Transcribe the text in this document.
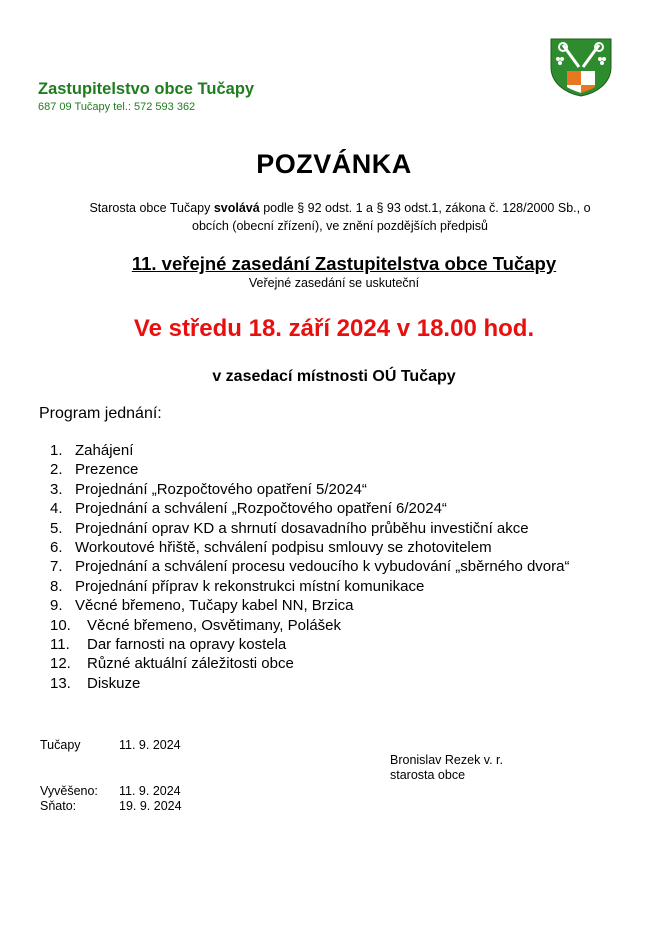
Zastupitelstvo obce Tučapy
687 09 Tučapy tel.: 572 593 362
POZVÁNKA
Starosta obce Tučapy svolává podle § 92 odst. 1 a § 93 odst.1, zákona č. 128/2000 Sb., o
obcích (obecní zřízení), ve znění pozdějších předpisů
11. veřejné zasedání Zastupitelstva obce Tučapy
Veřejné zasedání se uskuteční
Ve středu 18. září 2024 v 18.00 hod.
v zasedací místnosti OÚ Tučapy
Program jednání:
1. Zahájení
2. Prezence
3. Projednání „Rozpočtového opatření 5/2024“
4. Projednání a schválení „Rozpočtového opatření 6/2024“
5. Projednání oprav KD a shrnutí dosavadního průběhu investiční akce
6. Workoutové hřiště, schválení podpisu smlouvy se zhotovitelem
7. Projednání a schválení procesu vedoucího k vybudování „sběrného dvora“
8. Projednání příprav k rekonstrukci místní komunikace
9. Věcné břemeno, Tučapy kabel NN, Brzica
10.	Věcné břemeno, Osvětimany, Polášek
11.	Dar farnosti na opravy kostela
12.	Různé aktuální záležitosti obce
13.	Diskuze
Tučapy	11. 9. 2024
Bronislav Rezek v. r.
starosta obce
Vyvěšeno: 11. 9. 2024
Sňato:	19. 9. 2024
